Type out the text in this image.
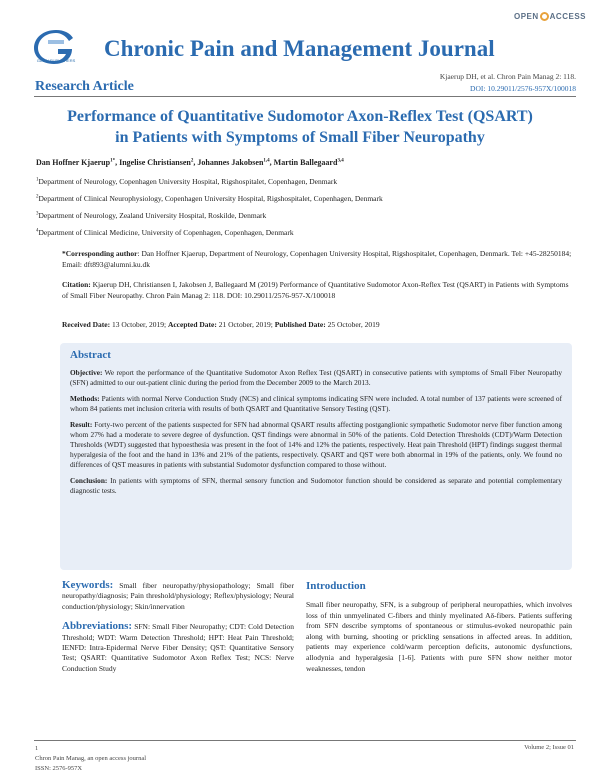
OPEN ACCESS
GAVIN PUBLISHERS	Chronic Pain and Management Journal
Research Article
Kjaerup DH, et al. Chron Pain Manag 2: 118.
DOI: 10.29011/2576-957X/100018
Performance of Quantitative Sudomotor Axon-Reflex Test (QSART)
in Patients with Symptoms of Small Fiber Neuropathy
Dan Hoffner Kjaerup$^{1*}$, Ingelise Christiansen$^2$, Johannes Jakobsen$^{1,4}$, Martin Ballegaard$^{3,4}$
$^1$Department of Neurology, Copenhagen University Hospital, Rigshospitalet, Copenhagen, Denmark
$^2$Department of Clinical Neurophysiology, Copenhagen University Hospital, Rigshospitalet, Copenhagen, Denmark
$^3$Department of Neurology, Zealand University Hospital, Roskilde, Denmark
$^4$Department of Clinical Medicine, University of Copenhagen, Copenhagen, Denmark
*Corresponding author: Dan Hoffner Kjaerup, Department of Neurology, Copenhagen University Hospital, Rigshospitalet, Copenhagen, Denmark. Tel: +45-28250184; Email: dft893@alumni.ku.dk
Citation: Kjaerup DH, Christiansen I, Jakobsen J, Ballegaard M (2019) Performance of Quantitative Sudomotor Axon-Reflex Test (QSART) in Patients with Symptoms of Small Fiber Neuropathy. Chron Pain Manag 2: 118. DOI: 10.29011/2576-957-X/100018
Received Date: 13 October, 2019; Accepted Date: 21 October, 2019; Published Date: 25 October, 2019
Abstract
Objective: We report the performance of the Quantitative Sudomotor Axon Reflex Test (QSART) in consecutive patients with symptoms of Small Fiber Neuropathy (SFN) admitted to our out-patient clinic during the period from the December 2009 to the March 2013.
Methods: Patients with normal Nerve Conduction Study (NCS) and clinical symptoms indicating SFN were included. A total number of 137 patients were screened of whom 84 patients met inclusion criteria with results of both QSART and Quantitative Sensory Testing (QST).
Result: Forty-two percent of the patients suspected for SFN had abnormal QSART results affecting postganglionic sympathetic Sudomotor nerve fiber function among whom 27% had a moderate to severe degree of dysfunction. QST findings were abnormal in 50% of the patients. Cold Detection Thresholds (CDT)/Warm Detection Thresholds (WDT) suggested that hypoesthesia was present in the foot of 14% and 12% the patients, respectively. Heat pain Threshold (HPT) findings suggest thermal hyperalgesia of the foot and the hand in 13% and 21% of the patients, respectively. QSART and QST were both abnormal in 19% of the patients, only. We found no differences of QST measures in patients with substantial Sudomotor dysfunction compared to those without.
Conclusion: In patients with symptoms of SFN, thermal sensory function and Sudomotor function should be considered as separate and potential complementary diagnostic tests.
Keywords: Small fiber neuropathy/physiopathology; Small fiber neuropathy/diagnosis; Pain threshold/physiology; Reflex/physiology; Neural conduction/physiology; Skin/innervation
Abbreviations: SFN: Small Fiber Neuropathy; CDT: Cold Detection Threshold; WDT: Warm Detection Threshold; HPT: Heat Pain Threshold; IENFD: Intra-Epidermal Nerve Fiber Density; QST: Quantitative Sensory Test; QSART: Quantitative Sudomotor Axon Reflex Test; NCS: Nerve Conduction Study
Introduction
Small fiber neuropathy, SFN, is a subgroup of peripheral neuropathies, which involves loss of thin unmyelinated C-fibers and thinly myelinated Aδ-fibers. Patients suffering from SFN describe symptoms of spontaneous or stimulus-evoked neuropathic pain along with burning, shooting or prickling sensations in affected areas. In addition, patients may experience cold/warm perception deficits, autonomic dysfunctions, allodynia and hyperalgesia [1-6]. Patients with pure SFN show neither motor weaknesses, tendon
1
Chron Pain Manag, an open access journal
ISSN: 2576-957X
Volume 2; Issue 01
